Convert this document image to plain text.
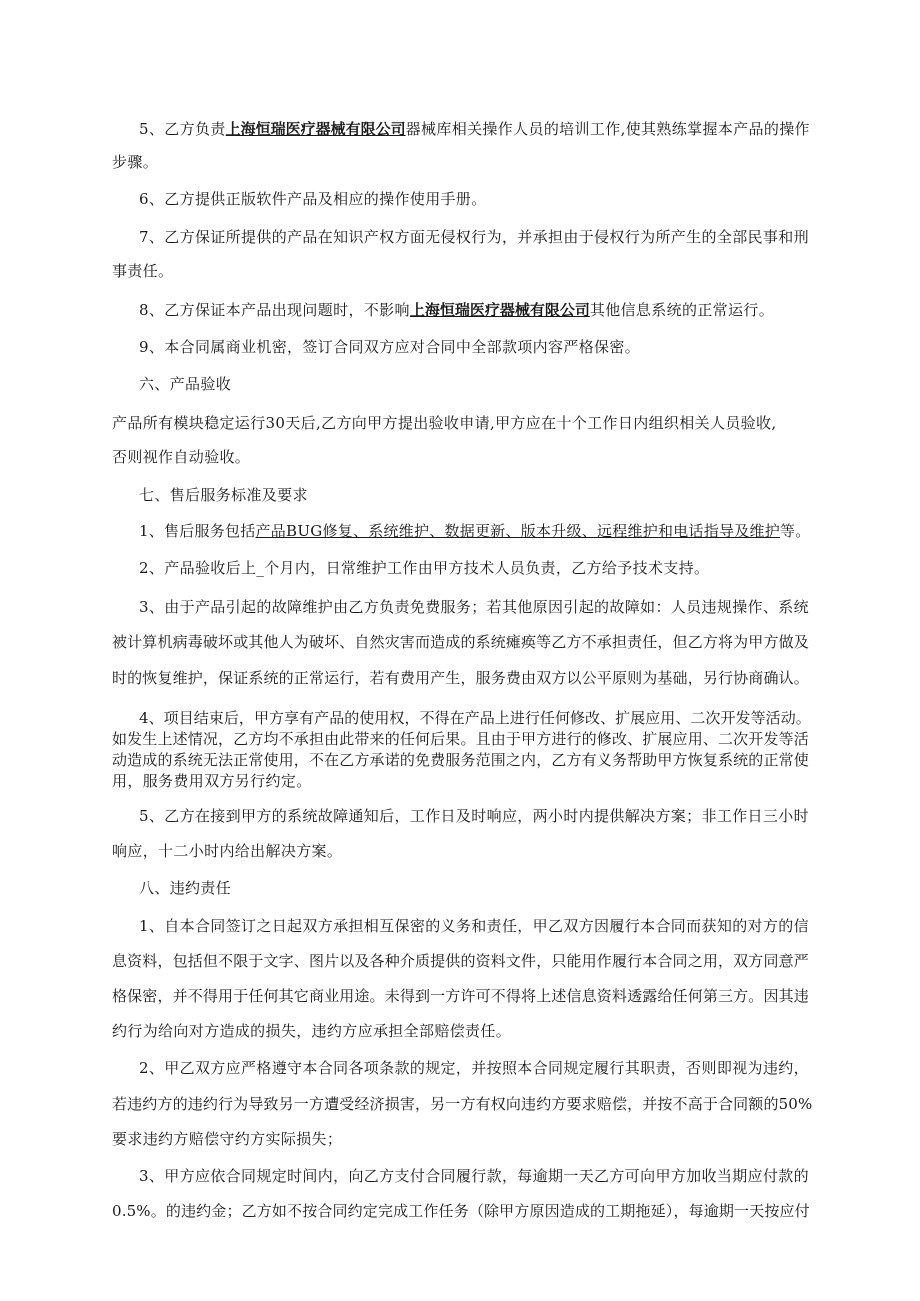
5、乙方负责上海恒瑞医疗器械有限公司器械库相关操作人员的培训工作,使其熟练掌握本产品的操作
步骤。
6、乙方提供正版软件产品及相应的操作使用手册。
7、乙方保证所提供的产品在知识产权方面无侵权行为，并承担由于侵权行为所产生的全部民事和刑
事责任。
8、乙方保证本产品出现问题时，不影响上海恒瑞医疗器械有限公司其他信息系统的正常运行。
9、本合同属商业机密，签订合同双方应对合同中全部款项内容严格保密。
六、产品验收
产品所有模块稳定运行30天后,乙方向甲方提出验收申请,甲方应在十个工作日内组织相关人员验收,
否则视作自动验收。
七、售后服务标准及要求
1、售后服务包括产品BUG修复、系统维护、数据更新、版本升级、远程维护和电话指导及维护等。
2、产品验收后上_个月内，日常维护工作由甲方技术人员负责，乙方给予技术支持。
3、由于产品引起的故障维护由乙方负责免费服务；若其他原因引起的故障如：人员违规操作、系统
被计算机病毒破坏或其他人为破坏、自然灾害而造成的系统瘫痪等乙方不承担责任，但乙方将为甲方做及
时的恢复维护，保证系统的正常运行，若有费用产生，服务费由双方以公平原则为基础，另行协商确认。
4、项目结束后，甲方享有产品的使用权，不得在产品上进行任何修改、扩展应用、二次开发等活动。
如发生上述情况，乙方均不承担由此带来的任何后果。且由于甲方进行的修改、扩展应用、二次开发等活
动造成的系统无法正常使用，不在乙方承诺的免费服务范围之内，乙方有义务帮助甲方恢复系统的正常使
用，服务费用双方另行约定。
5、乙方在接到甲方的系统故障通知后，工作日及时响应，两小时内提供解决方案；非工作日三小时
响应，十二小时内给出解决方案。
八、违约责任
1、自本合同签订之日起双方承担相互保密的义务和责任，甲乙双方因履行本合同而获知的对方的信
息资料，包括但不限于文字、图片以及各种介质提供的资料文件，只能用作履行本合同之用，双方同意严
格保密，并不得用于任何其它商业用途。未得到一方许可不得将上述信息资料透露给任何第三方。因其违
约行为给向对方造成的损失，违约方应承担全部赔偿责任。
2、甲乙双方应严格遵守本合同各项条款的规定，并按照本合同规定履行其职责，否则即视为违约，
若违约方的违约行为导致另一方遭受经济损害，另一方有权向违约方要求赔偿，并按不高于合同额的50%
要求违约方赔偿守约方实际损失；
3、甲方应依合同规定时间内，向乙方支付合同履行款，每逾期一天乙方可向甲方加收当期应付款的
0.5%。的违约金；乙方如不按合同约定完成工作任务（除甲方原因造成的工期拖延），每逾期一天按应付
